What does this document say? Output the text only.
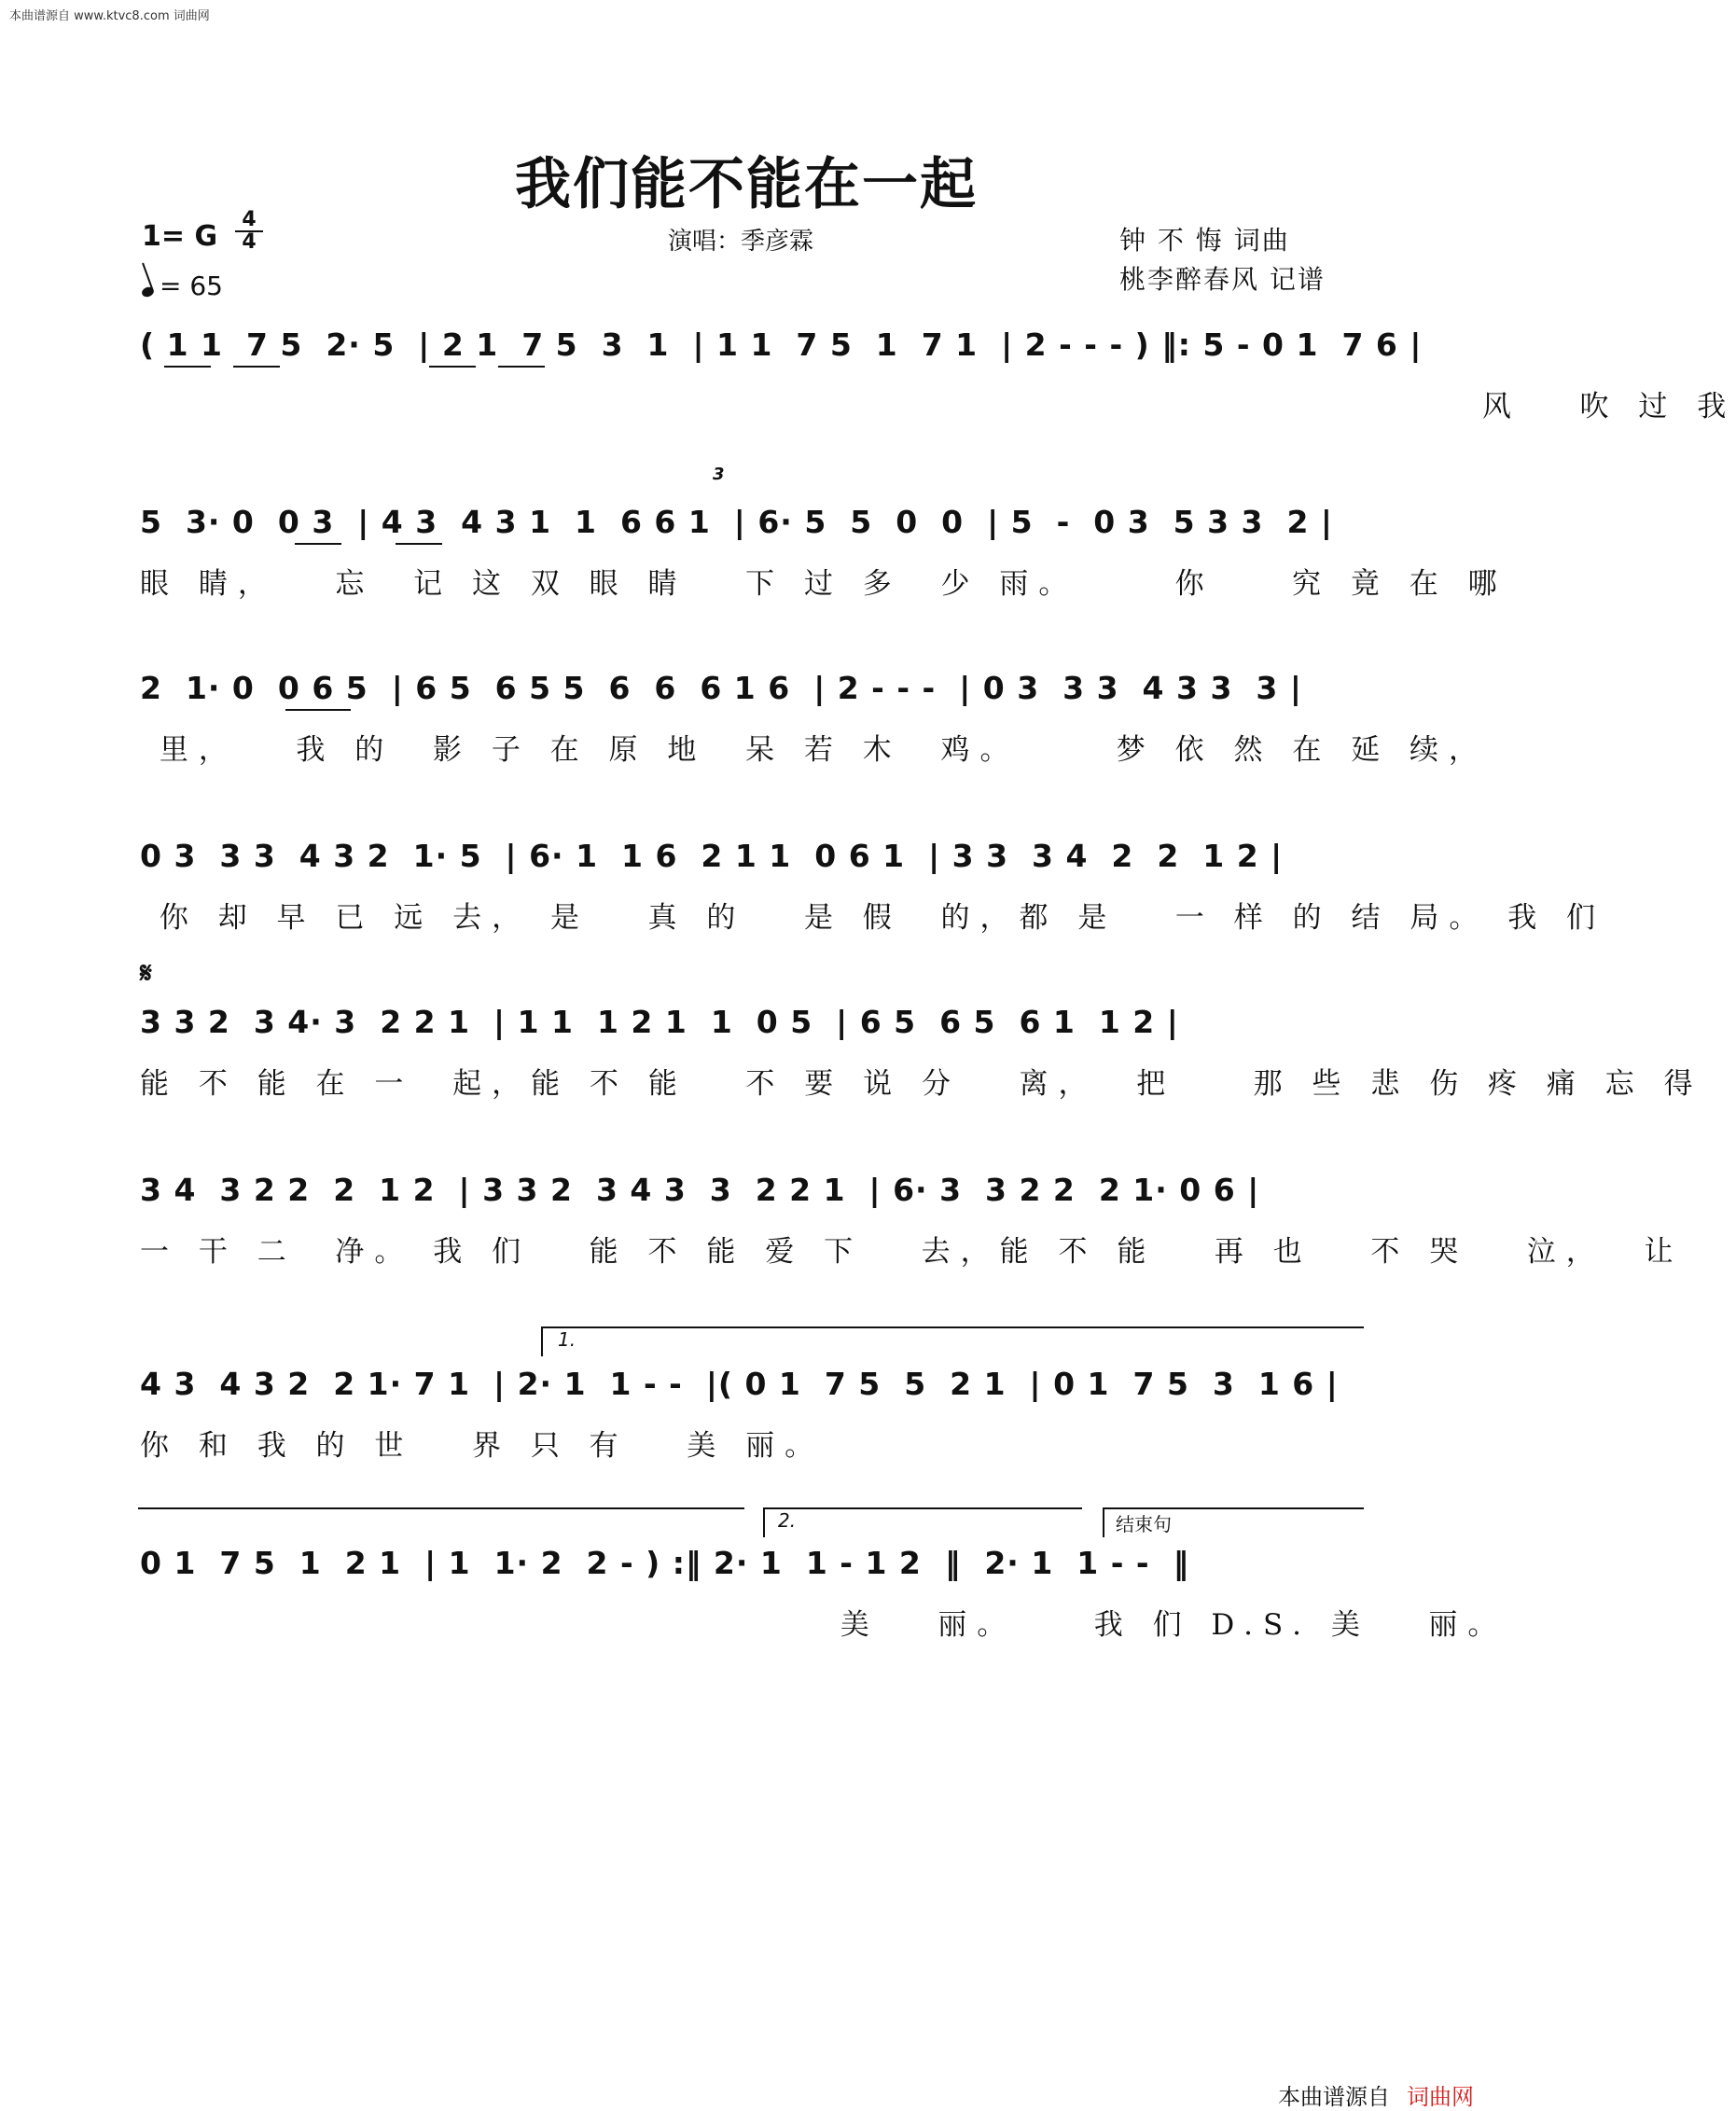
本曲谱源自 www.ktvc8.com 词曲网
我们能不能在一起
1= G
4
4
= 65
演唱：季彦霖	钟 不 悔 词曲
桃李醉春风 记谱
( 1 1  7 5  2· 5  | 2 1  7 5  3  1  | 1 1  7 5  1  7 1  | 2 - - - ) ‖: 5 - 0 1  7 6 |
风   吹 过 我
5  3· 0  0 3  | 4 3  4 3 1  1  6 6 1  | 6· 5  5  0  0  | 5  -  0 3  5 3 3  2 |
眼 睛，   忘  记 这 双 眼 睛   下 过 多  少 雨。     你    究 竟 在 哪
3
2  1· 0  0 6 5  | 6 5  6 5 5  6  6  6 1 6  | 2 - - -  | 0 3  3 3  4 3 3  3 |
里，   我 的  影 子 在 原 地  呆 若 木  鸡。     梦 依 然 在 延 续，
0 3  3 3  4 3 2  1· 5  | 6· 1  1 6  2 1 1  0 6 1  | 3 3  3 4  2  2  1 2 |
你 却 早 已 远 去， 是   真 的   是 假  的，都 是   一 样 的 结 局。 我 们
𝄋
3 3 2  3 4· 3  2 2 1  | 1 1  1 2 1  1  0 5  | 6 5  6 5  6 1  1 2 |
能 不 能 在 一  起，能 不 能   不 要 说 分   离，  把    那 些 悲 伤 疼 痛 忘 得
3 4  3 2 2  2  1 2  | 3 3 2  3 4 3  3  2 2 1  | 6· 3  3 2 2  2 1· 0 6 |
一 干 二  净。 我 们   能 不 能 爱 下   去，能 不 能   再 也   不 哭   泣，  让
1.
4 3  4 3 2  2 1· 7 1  | 2· 1  1 - -  |( 0 1  7 5  5  2 1  | 0 1  7 5  3  1 6 |
你 和 我 的 世   界 只 有   美 丽。
2.	结束句
0 1  7 5  1  2 1  | 1  1· 2  2 - ) :‖ 2· 1  1 - 1 2  ‖  2· 1  1 - -  ‖
美   丽。    我 们 D.S. 美   丽。
本曲谱源自 词曲网
